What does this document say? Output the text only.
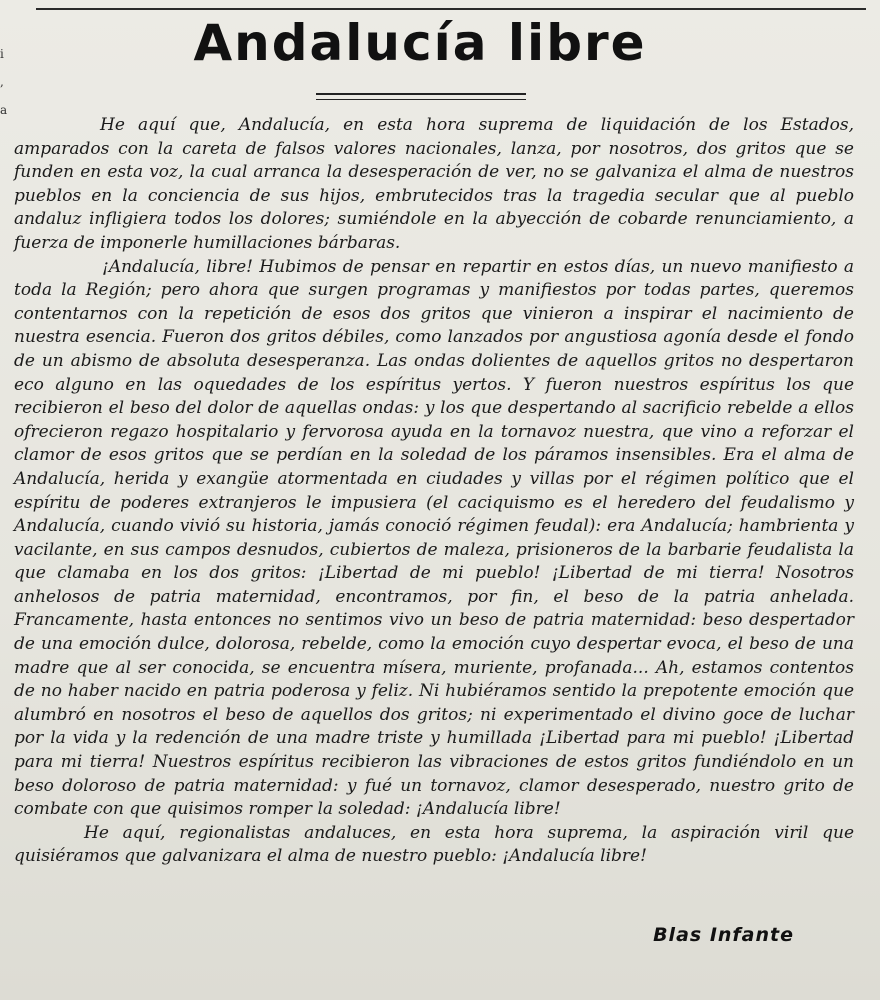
i
,
a
Andalucía libre

He aquí que, Andalucía, en esta hora suprema de liquidación de los Estados, amparados con la careta de falsos valores nacionales, lanza, por nosotros, dos gritos que se funden en esta voz, la cual arranca la desesperación de ver, no se galvaniza el alma de nuestros pueblos en la conciencia de sus hijos, embrutecidos tras la tragedia secular que al pueblo andaluz infligiera todos los dolores; sumiéndole en la abyección de cobarde renunciamiento, a fuerza de imponerle humillaciones bárbaras.

¡Andalucía, libre! Hubimos de pensar en repartir en estos días, un nuevo manifiesto a toda la Región; pero ahora que surgen programas y manifiestos por todas partes, queremos contentarnos con la repetición de esos dos gritos que vinieron a inspirar el nacimiento de nuestra esencia. Fueron dos gritos débiles, como lanzados por angustiosa agonía desde el fondo de un abismo de absoluta desesperanza. Las ondas dolientes de aquellos gritos no despertaron eco alguno en las oquedades de los espíritus yertos. Y fueron nuestros espíritus los que recibieron el beso del dolor de aquellas ondas: y los que despertando al sacrificio rebelde a ellos ofrecieron regazo hospitalario y fervorosa ayuda en la tornavoz nuestra, que vino a reforzar el clamor de esos gritos que se perdían en la soledad de los páramos insensibles. Era el alma de Andalucía, herida y exangüe atormentada en ciudades y villas por el régimen político que el espíritu de poderes extranjeros le impusiera (el caciquismo es el heredero del feudalismo y Andalucía, cuando vivió su historia, jamás conoció régimen feudal): era Andalucía; hambrienta y vacilante, en sus campos desnudos, cubiertos de maleza, prisioneros de la barbarie feudalista la que clamaba en los dos gritos: ¡Libertad de mi pueblo! ¡Libertad de mi tierra! Nosotros anhelosos de patria maternidad, encontramos, por fin, el beso de la patria anhelada. Francamente, hasta entonces no sentimos vivo un beso de patria maternidad: beso despertador de una emoción dulce, dolorosa, rebelde, como la emoción cuyo despertar evoca, el beso de una madre que al ser conocida, se encuentra mísera, muriente, profanada... Ah, estamos contentos de no haber nacido en patria poderosa y feliz. Ni hubiéramos sentido la prepotente emoción que alumbró en nosotros el beso de aquellos dos gritos; ni experimentado el divino goce de luchar por la vida y la redención de una madre triste y humillada ¡Libertad para mi pueblo! ¡Libertad para mi tierra! Nuestros espíritus recibieron las vibraciones de estos gritos fundiéndolo en un beso doloroso de patria maternidad: y fué un tornavoz, clamor desesperado, nuestro grito de combate con que quisimos romper la soledad: ¡Andalucía libre!

He aquí, regionalistas andaluces, en esta hora suprema, la aspiración viril que quisiéramos que galvanizara el alma de nuestro pueblo: ¡Andalucía libre!

Blas Infante
